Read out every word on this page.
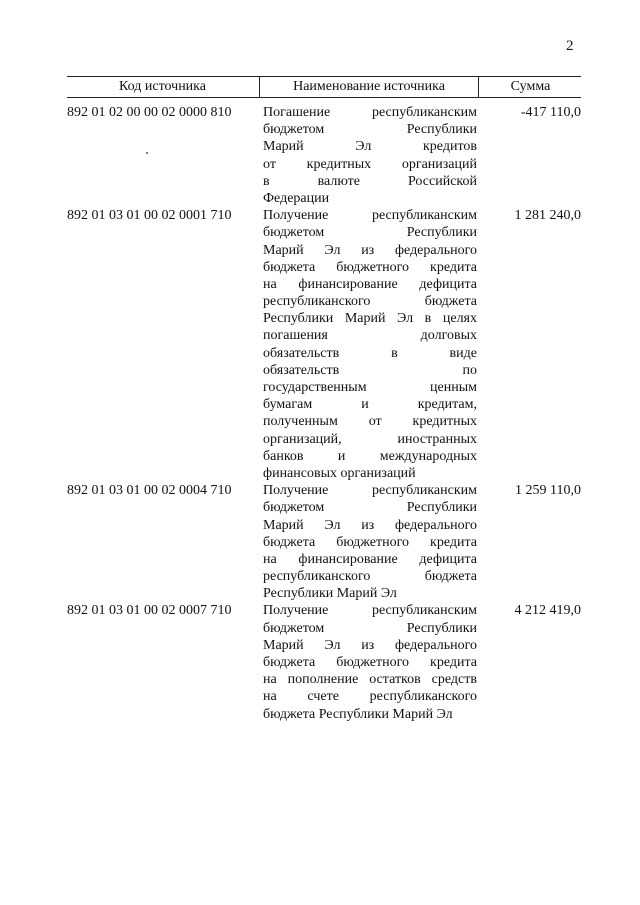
2
Код источника	Наименование источника	Сумма
892 01 02 00 00 02 0000 810	Погашение республиканским
бюджетом Республики
Марий Эл кредитов
от кредитных организаций
в валюте Российской
Федерации
-417 110,0
892 01 03 01 00 02 0001 710	Получение республиканским
бюджетом Республики
Марий Эл из федерального
бюджета бюджетного кредита
на финансирование дефицита
республиканского бюджета
Республики Марий Эл в целях
погашения долговых
обязательств в виде
обязательств по
государственным ценным
бумагам и кредитам,
полученным от кредитных
организаций, иностранных
банков и международных
финансовых организаций
1 281 240,0
892 01 03 01 00 02 0004 710	Получение республиканским
бюджетом Республики
Марий Эл из федерального
бюджета бюджетного кредита
на финансирование дефицита
республиканского бюджета
Республики Марий Эл
1 259 110,0
892 01 03 01 00 02 0007 710	Получение республиканским
бюджетом Республики
Марий Эл из федерального
бюджета бюджетного кредита
на пополнение остатков средств
на счете республиканского
бюджета Республики Марий Эл
4 212 419,0
